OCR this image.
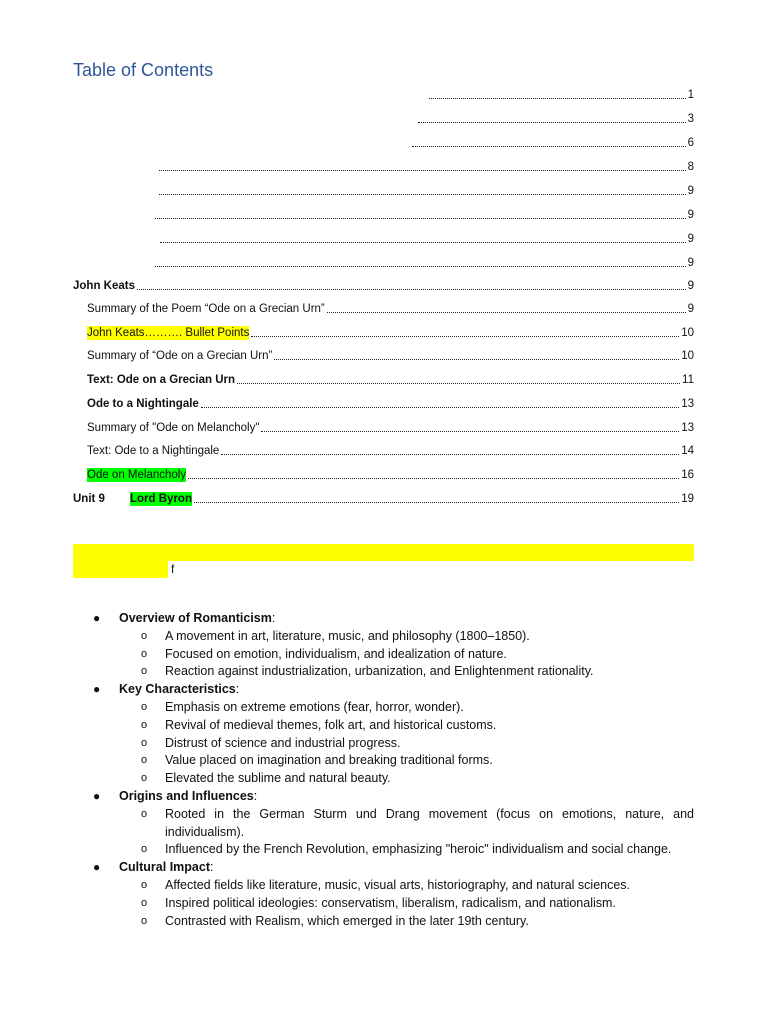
Table of Contents
1
3
6
8
9
9
9
9
John Keats	9
Summary of the Poem “Ode on a Grecian Urn”	9
John Keats………. Bullet Points	10
Summary of “Ode on a Grecian Urn”	10
Text: Ode on a Grecian Urn	11
Ode to a Nightingale	13
Summary of "Ode on Melancholy"	13
Text: Ode to a Nightingale	14
Ode on Melancholy	16
Unit 9	Lord Byron	19
f
●	Overview of Romanticism:
o	A movement in art, literature, music, and philosophy (1800–1850).
o	Focused on emotion, individualism, and idealization of nature.
o	Reaction against industrialization, urbanization, and Enlightenment rationality.
●	Key Characteristics:
o	Emphasis on extreme emotions (fear, horror, wonder).
o	Revival of medieval themes, folk art, and historical customs.
o	Distrust of science and industrial progress.
o	Value placed on imagination and breaking traditional forms.
o	Elevated the sublime and natural beauty.
●	Origins and Influences:
o	Rooted in the German Sturm und Drang movement (focus on emotions, nature, and individualism).
o	Influenced by the French Revolution, emphasizing "heroic" individualism and social change.
●	Cultural Impact:
o	Affected fields like literature, music, visual arts, historiography, and natural sciences.
o	Inspired political ideologies: conservatism, liberalism, radicalism, and nationalism.
o	Contrasted with Realism, which emerged in the later 19th century.
